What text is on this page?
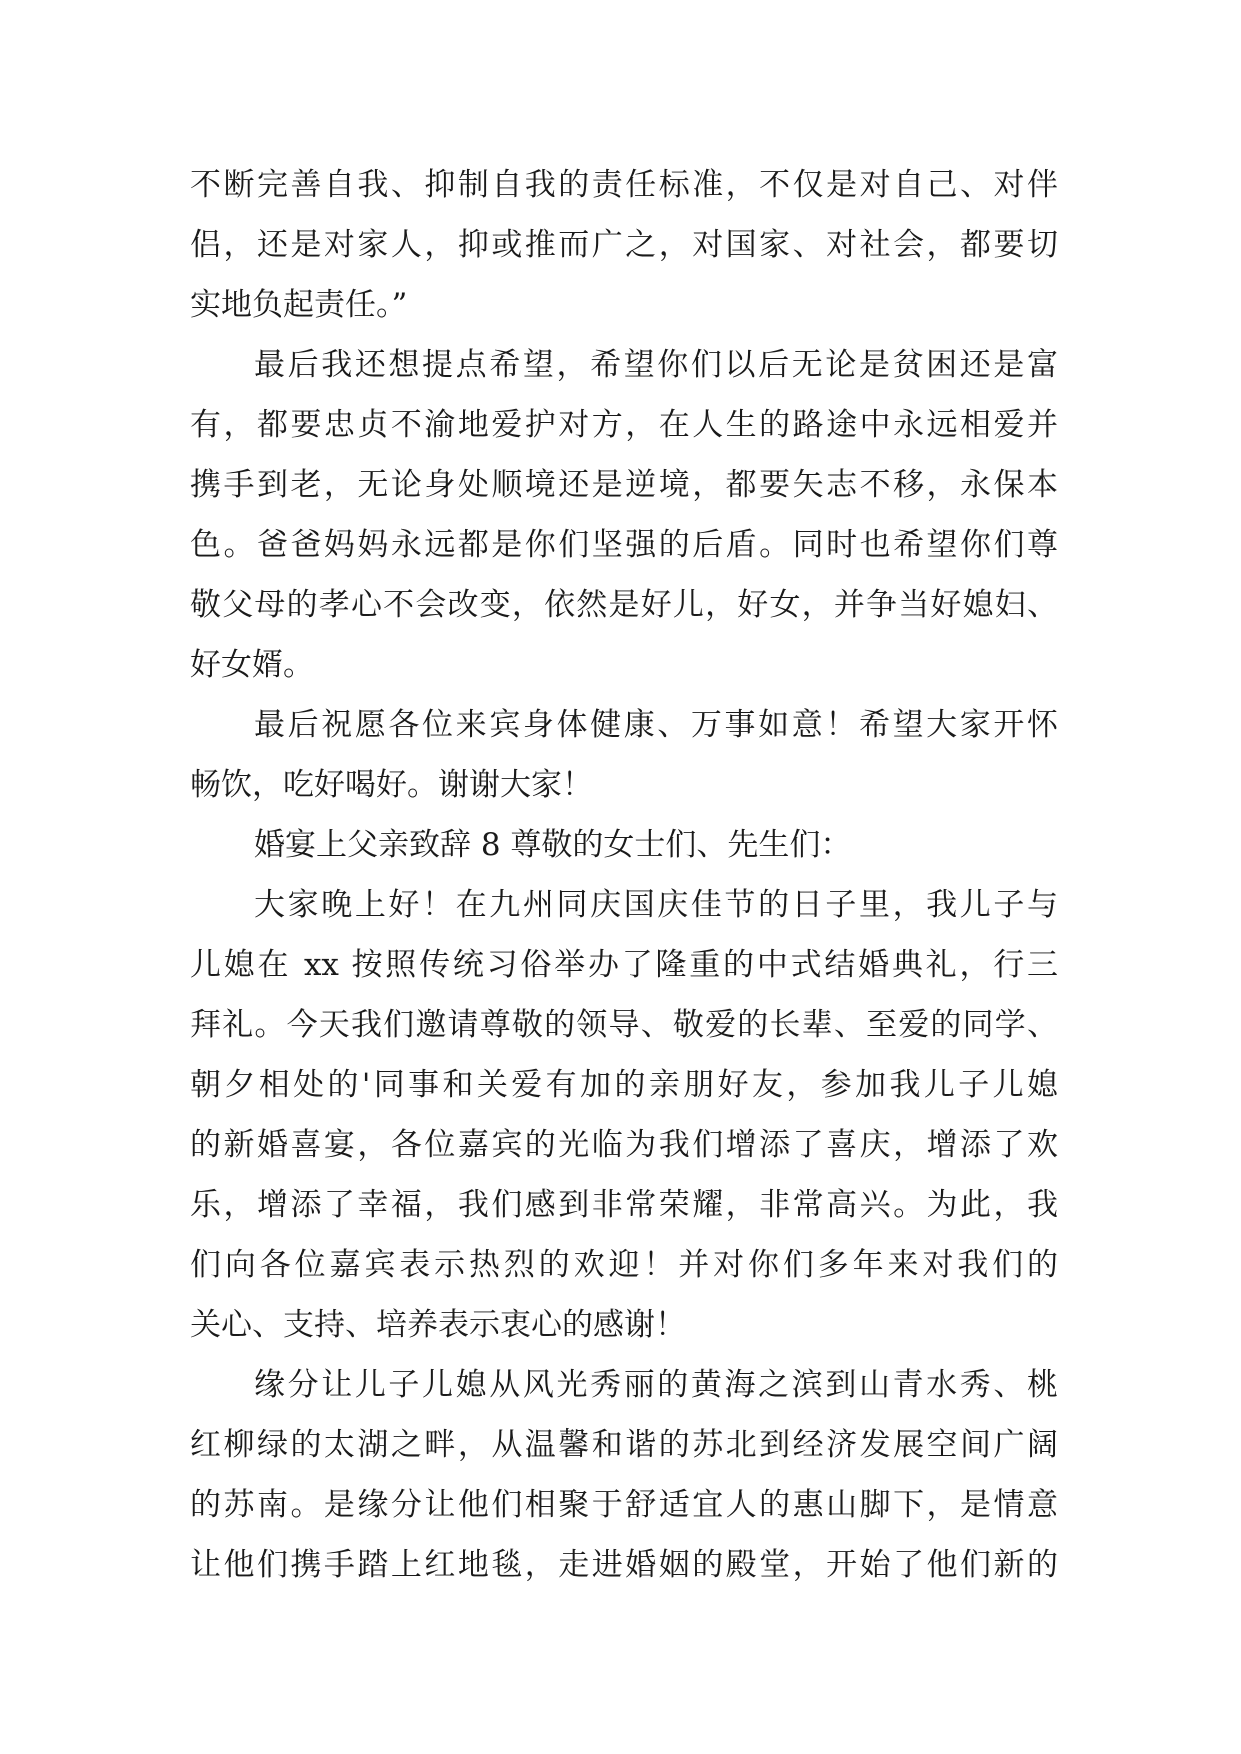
不断完善自我、抑制自我的责任标准，不仅是对自己、对伴

侣，还是对家人，抑或推而广之，对国家、对社会，都要切

实地负起责任。”

最后我还想提点希望，希望你们以后无论是贫困还是富

有，都要忠贞不渝地爱护对方，在人生的路途中永远相爱并

携手到老，无论身处顺境还是逆境，都要矢志不移，永保本

色。爸爸妈妈永远都是你们坚强的后盾。同时也希望你们尊

敬父母的孝心不会改变，依然是好儿，好女，并争当好媳妇、

好女婿。

最后祝愿各位来宾身体健康、万事如意！希望大家开怀

畅饮，吃好喝好。谢谢大家！

婚宴上父亲致辞 8 尊敬的女士们、先生们：

大家晚上好！在九州同庆国庆佳节的日子里，我儿子与

儿媳在 xx 按照传统习俗举办了隆重的中式结婚典礼，行三

拜礼。今天我们邀请尊敬的领导、敬爱的长辈、至爱的同学、

朝夕相处的'同事和关爱有加的亲朋好友，参加我儿子儿媳

的新婚喜宴，各位嘉宾的光临为我们增添了喜庆，增添了欢

乐，增添了幸福，我们感到非常荣耀，非常高兴。为此，我

们向各位嘉宾表示热烈的欢迎！并对你们多年来对我们的

关心、支持、培养表示衷心的感谢！

缘分让儿子儿媳从风光秀丽的黄海之滨到山青水秀、桃

红柳绿的太湖之畔，从温馨和谐的苏北到经济发展空间广阔

的苏南。是缘分让他们相聚于舒适宜人的惠山脚下，是情意

让他们携手踏上红地毯，走进婚姻的殿堂，开始了他们新的
